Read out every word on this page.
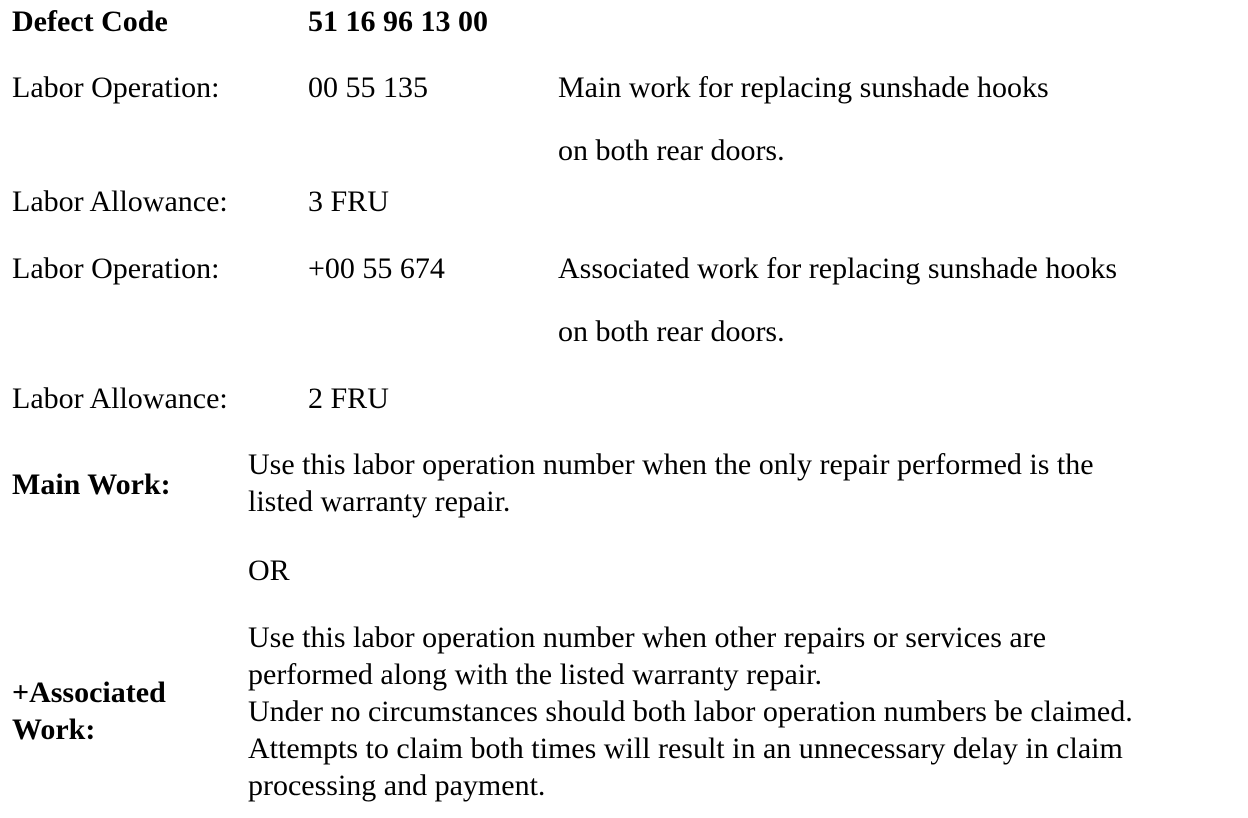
Defect Code	51 16 96 13 00
Labor Operation:	00 55 135	Main work for replacing sunshade hooks
on both rear doors.
Labor Allowance:	3 FRU
Labor Operation:	+00 55 674	Associated work for replacing sunshade hooks
on both rear doors.
Labor Allowance:	2 FRU
Main Work:
Use this labor operation number when the only repair performed is the
listed warranty repair.
OR
+Associated
Work:
Use this labor operation number when other repairs or services are
performed along with the listed warranty repair.
Under no circumstances should both labor operation numbers be claimed.
Attempts to claim both times will result in an unnecessary delay in claim
processing and payment.
